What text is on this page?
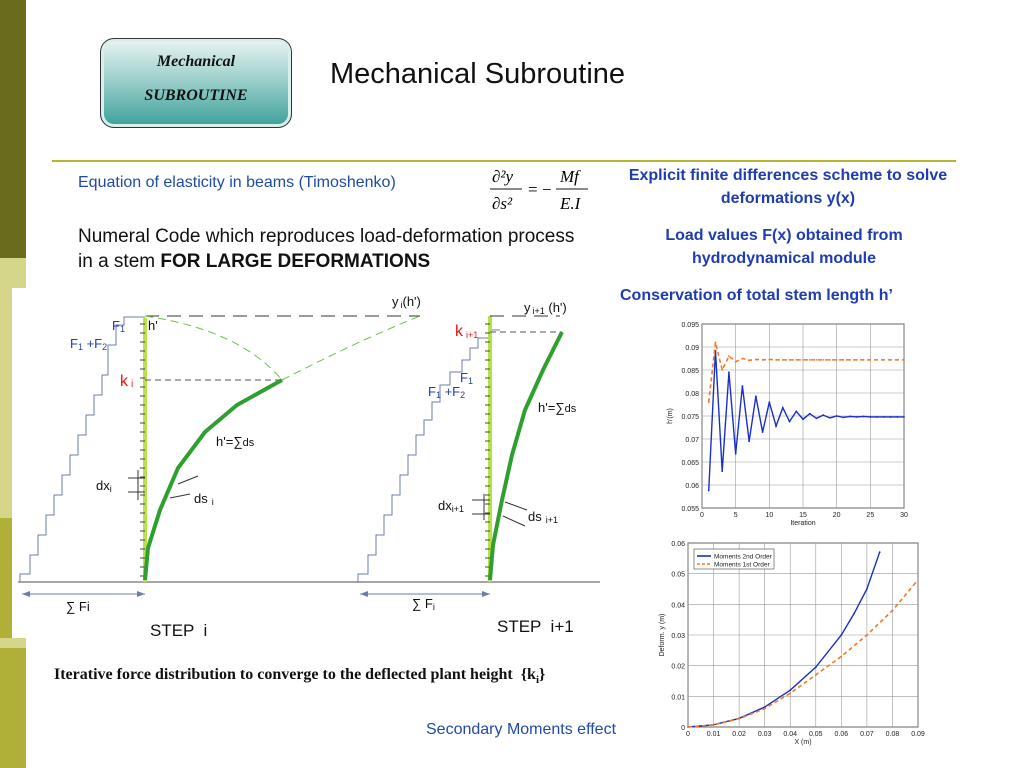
Mechanical
SUBROUTINE
Mechanical Subroutine
Equation of elasticity in beams (Timoshenko)	∂²y
∂s²
= −
Mf
E.I
Numeral Code which reproduces load-deformation process in a stem FOR LARGE DEFORMATIONS
Explicit finite differences scheme to solve deformations y(x)
Load values F(x) obtained from hydrodynamical module
Conservation of total stem length h’
F1 h'
F1 +F2
ki
y i(h')
h'=∑ds
dxi
ds i
∑ Fi
STEP  i
y i+1 (h')
ki+1
F1
F1 +F2
h'=∑ds
dxi+1	ds i+1
∑ Fi
STEP  i+1
Iterative force distribution to converge to the deflected plant height $\{k_i\}$
Secondary Moments effect
0.055
0.06
0.065
0.07
0.075
0.08
0.085
0.09
0.095
0	5	10	15	20	25	30
Iteration
h'(m)
0
0.01
0.02
0.03
0.04
0.05
0.06
0 0.01 0.02 0.03 0.04 0.05 0.06 0.07 0.08 0.09
X (m)
Deform. y (m)
Moments 2nd Order
Moments 1st Order
